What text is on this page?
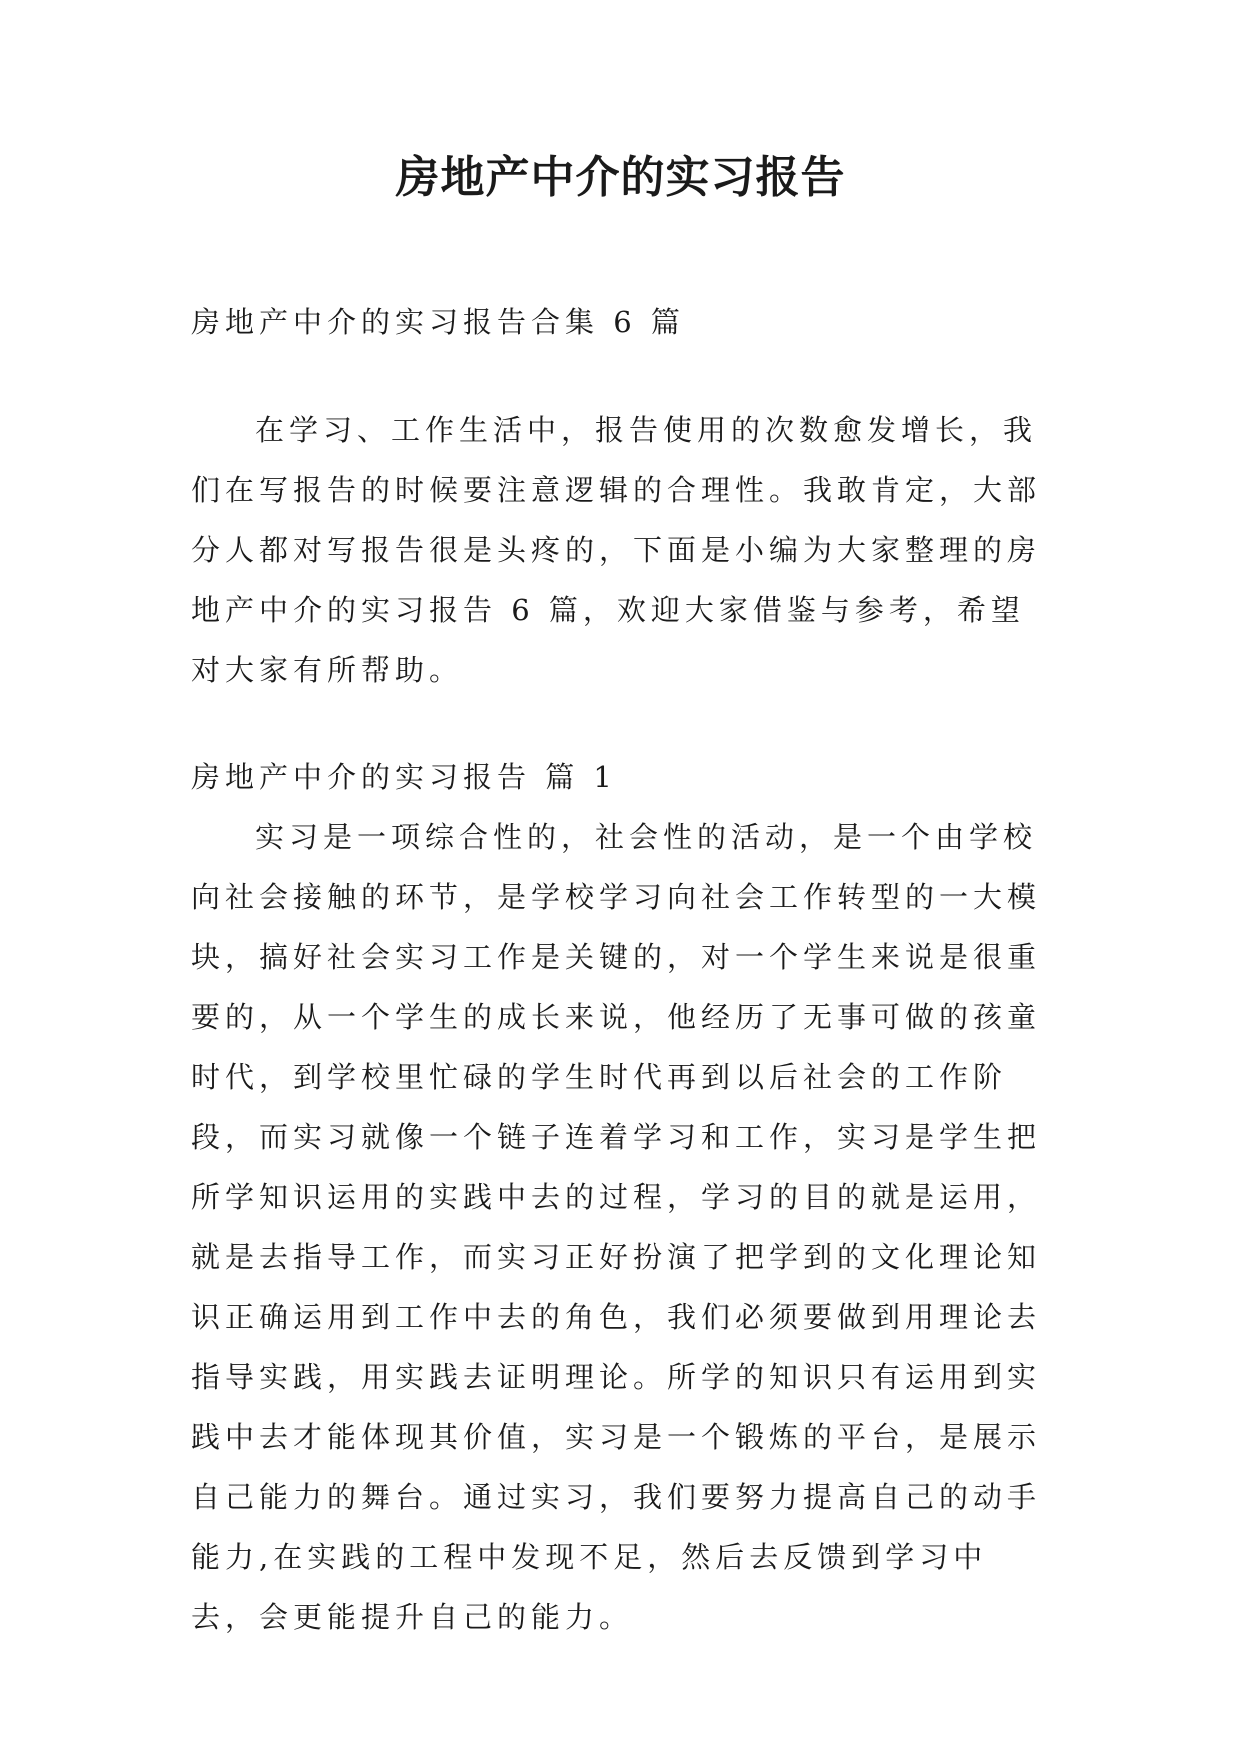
房地产中介的实习报告

房地产中介的实习报告合集 6 篇

在学习、工作生活中，报告使用的次数愈发增长，我们在写报告的时候要注意逻辑的合理性。我敢肯定，大部分人都对写报告很是头疼的，下面是小编为大家整理的房地产中介的实习报告 6 篇，欢迎大家借鉴与参考，希望对大家有所帮助。

房地产中介的实习报告 篇 1

实习是一项综合性的，社会性的活动，是一个由学校向社会接触的环节，是学校学习向社会工作转型的一大模块，搞好社会实习工作是关键的，对一个学生来说是很重要的，从一个学生的成长来说，他经历了无事可做的孩童时代，到学校里忙碌的学生时代再到以后社会的工作阶段，而实习就像一个链子连着学习和工作，实习是学生把所学知识运用的实践中去的过程，学习的目的就是运用，就是去指导工作，而实习正好扮演了把学到的文化理论知识正确运用到工作中去的角色，我们必须要做到用理论去指导实践，用实践去证明理论。所学的知识只有运用到实践中去才能体现其价值，实习是一个锻炼的平台，是展示自己能力的舞台。通过实习，我们要努力提高自己的动手能力,在实践的工程中发现不足，然后去反馈到学习中去，会更能提升自己的能力。
